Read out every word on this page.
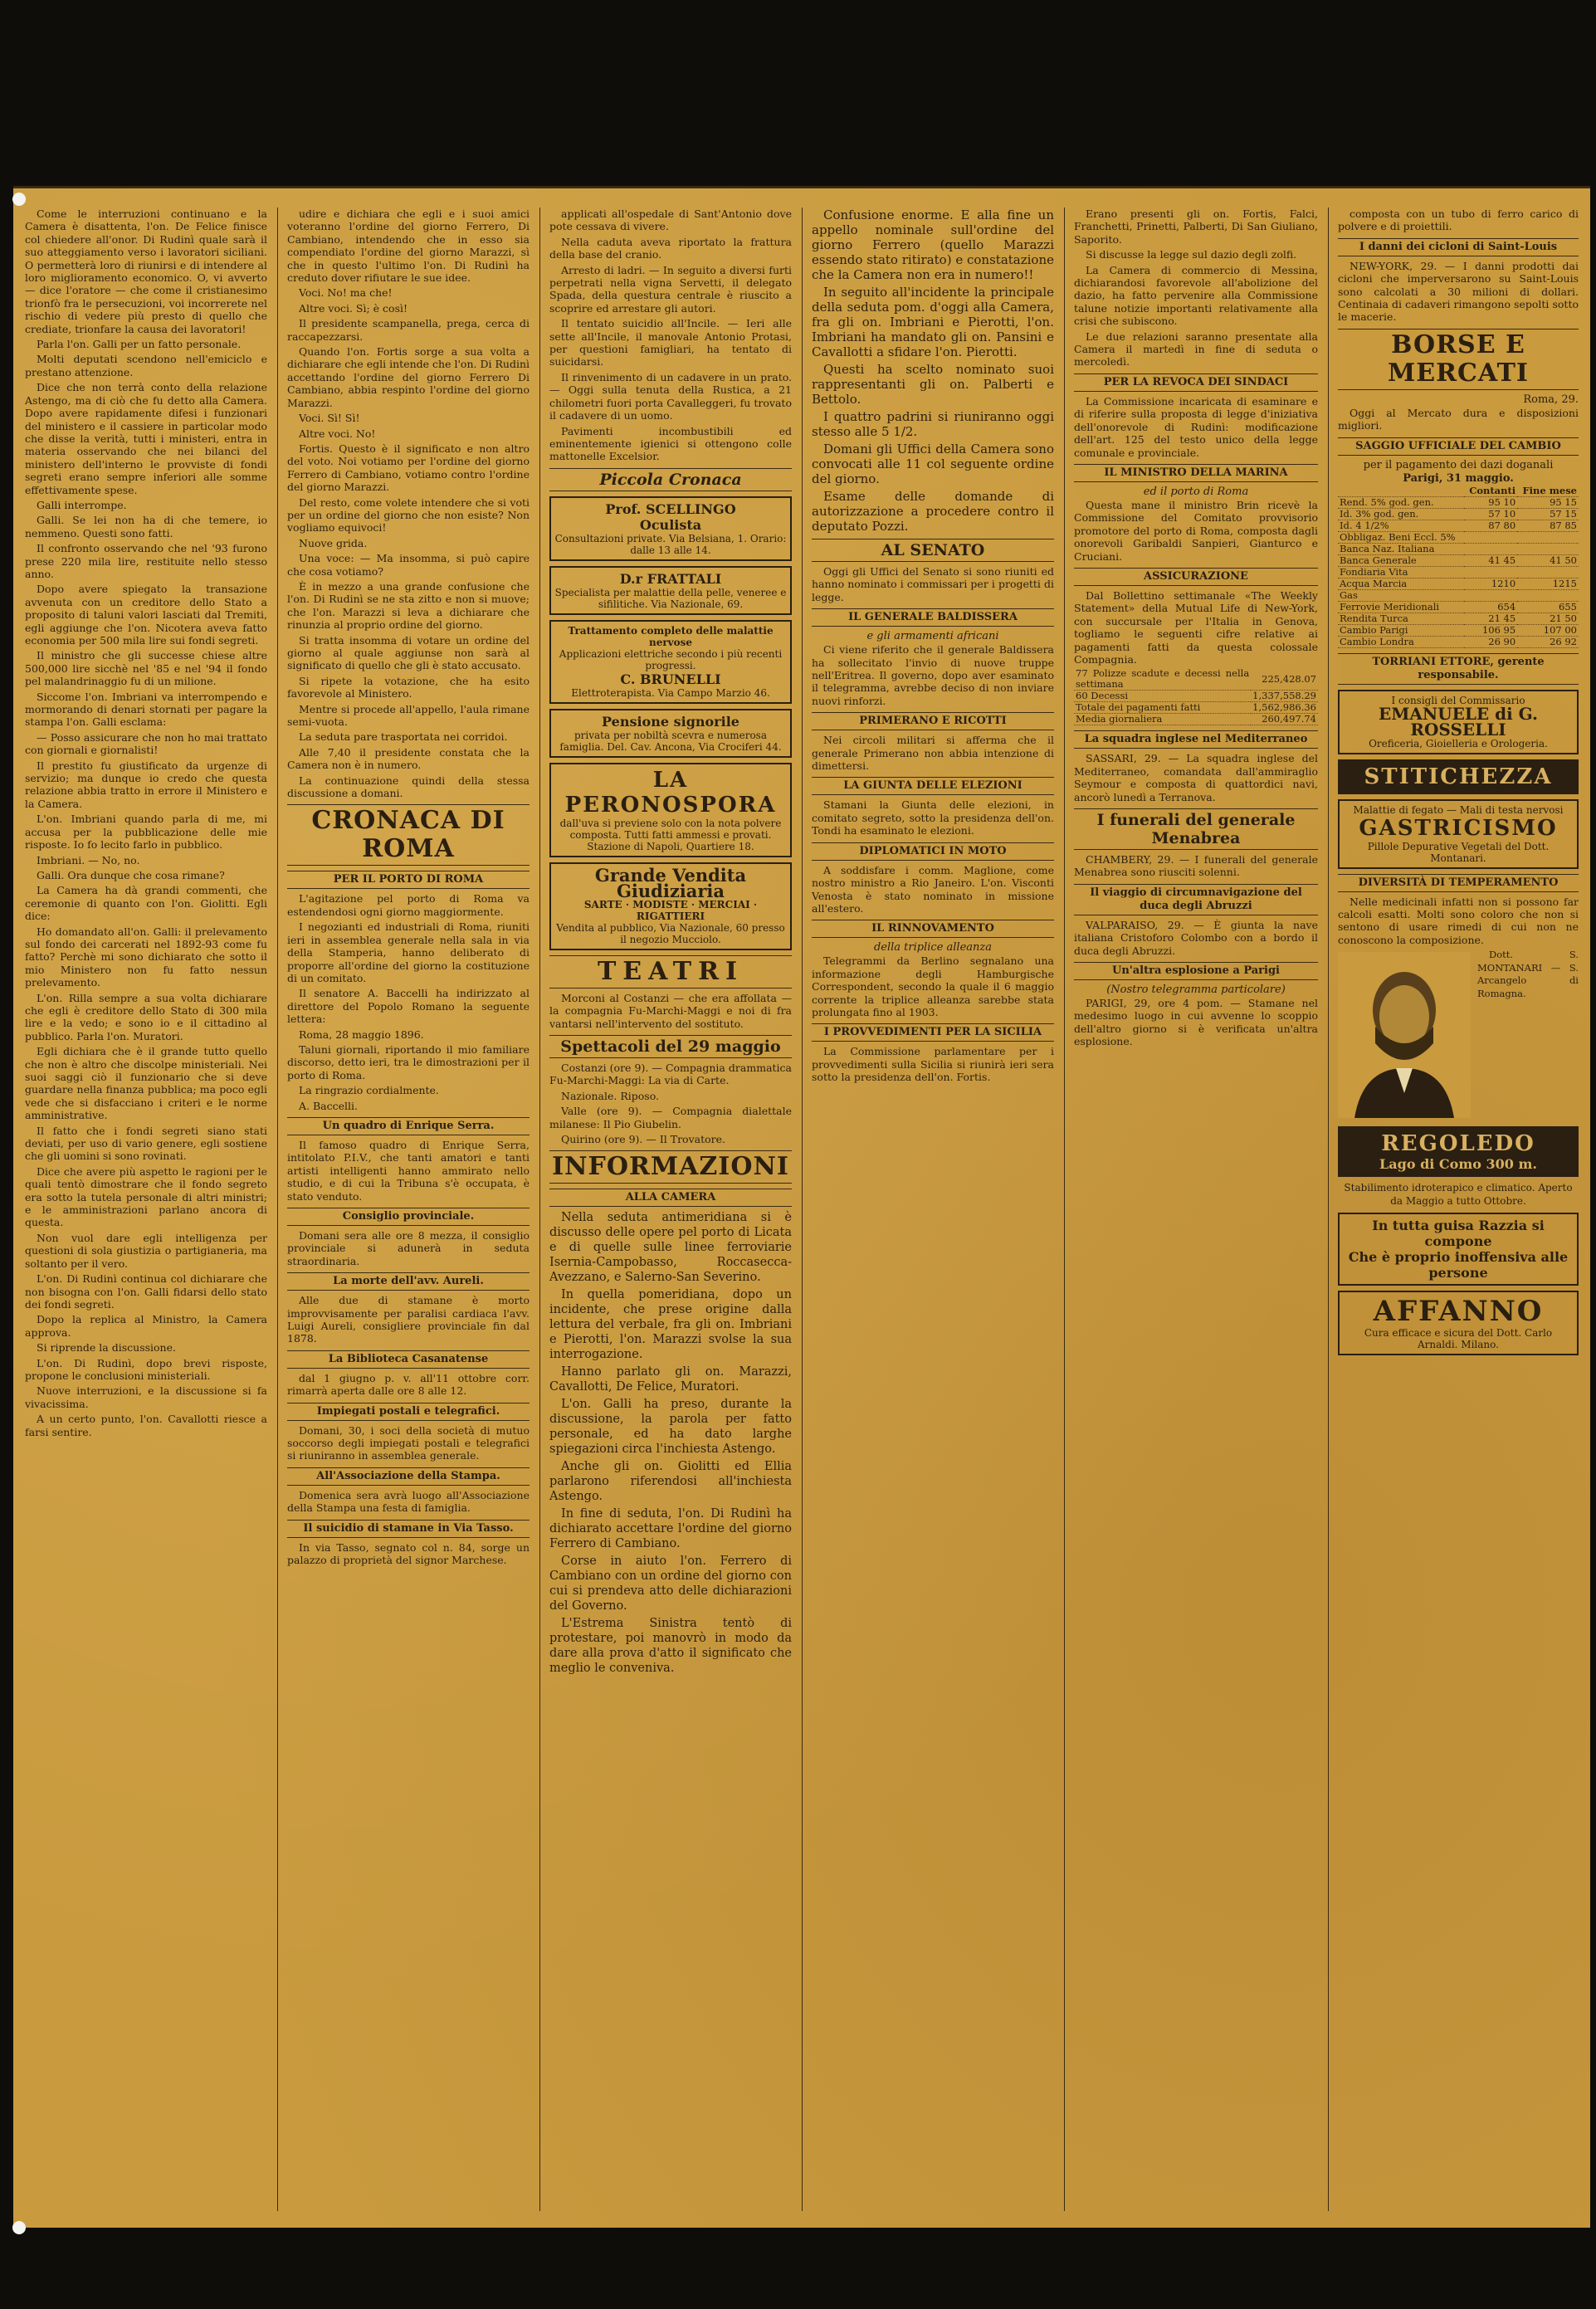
Come le interruzioni continuano e la Camera è disattenta, l'on. De Felice finisce col chiedere all'onor. Di Rudinì quale sarà il suo atteggiamento verso i lavoratori siciliani. O permetterà loro di riunirsi e di intendere al loro miglioramento economico. O, vi avverto — dice l'oratore — che come il cristianesimo trionfò fra le persecuzioni, voi incorrerete nel rischio di vedere più presto di quello che crediate, trionfare la causa dei lavoratori!

Parla l'on. Galli per un fatto personale.

Molti deputati scendono nell'emiciclo e prestano attenzione.

Dice che non terrà conto della relazione Astengo, ma di ciò che fu detto alla Camera. Dopo avere rapidamente difesi i funzionari del ministero e il cassiere in particolar modo che disse la verità, tutti i ministeri, entra in materia osservando che nei bilanci del ministero dell'interno le provviste di fondi segreti erano sempre inferiori alle somme effettivamente spese.

Galli interrompe.

Galli. Se lei non ha di che temere, io nemmeno. Questi sono fatti.

Il confronto osservando che nel '93 furono prese 220 mila lire, restituite nello stesso anno.

Dopo avere spiegato la transazione avvenuta con un creditore dello Stato a proposito di taluni valori lasciati dal Tremiti, egli aggiunge che l'on. Nicotera aveva fatto economia per 500 mila lire sui fondi segreti.

Il ministro che gli successe chiese altre 500,000 lire sicchè nel '85 e nel '94 il fondo pel malandrinaggio fu di un milione.

Siccome l'on. Imbriani va interrompendo e mormorando di denari stornati per pagare la stampa l'on. Galli esclama:

— Posso assicurare che non ho mai trattato con giornali e giornalisti!

Il prestito fu giustificato da urgenze di servizio; ma dunque io credo che questa relazione abbia tratto in errore il Ministero e la Camera.

L'on. Imbriani quando parla di me, mi accusa per la pubblicazione delle mie risposte. Io fo lecito farlo in pubblico.

Imbriani. — No, no.

Galli. Ora dunque che cosa rimane?

La Camera ha dà grandi commenti, che ceremonie di quanto con l'on. Giolitti. Egli dice:

Ho domandato all'on. Galli: il prelevamento sul fondo dei carcerati nel 1892-93 come fu fatto? Perchè mi sono dichiarato che sotto il mio Ministero non fu fatto nessun prelevamento.

L'on. Rilla sempre a sua volta dichiarare che egli è creditore dello Stato di 300 mila lire e la vedo; e sono io e il cittadino al pubblico. Parla l'on. Muratori.

Egli dichiara che è il grande tutto quello che non è altro che discolpe ministeriali. Nei suoi saggi ciò il funzionario che si deve guardare nella finanza pubblica; ma poco egli vede che si disfacciano i criteri e le norme amministrative.

Il fatto che i fondi segreti siano stati deviati, per uso di vario genere, egli sostiene che gli uomini si sono rovinati.

Dice che avere più aspetto le ragioni per le quali tentò dimostrare che il fondo segreto era sotto la tutela personale di altri ministri; e le amministrazioni parlano ancora di questa.

Non vuol dare egli intelligenza per questioni di sola giustizia o partigianeria, ma soltanto per il vero.

L'on. Di Rudinì continua col dichiarare che non bisogna con l'on. Galli fidarsi dello stato dei fondi segreti.

Dopo la replica al Ministro, la Camera approva.

Si riprende la discussione.

L'on. Di Rudinì, dopo brevi risposte, propone le conclusioni ministeriali.

Nuove interruzioni, e la discussione si fa vivacissima.

A un certo punto, l'on. Cavallotti riesce a farsi sentire.

udire e dichiara che egli e i suoi amici voteranno l'ordine del giorno Ferrero, Di Cambiano, intendendo che in esso sia compendiato l'ordine del giorno Marazzi, sì che in questo l'ultimo l'on. Di Rudinì ha creduto dover rifiutare le sue idee.

Voci. No! ma che!

Altre voci. Sì; è così!

Il presidente scampanella, prega, cerca di raccapezzarsi.

Quando l'on. Fortis sorge a sua volta a dichiarare che egli intende che l'on. Di Rudinì accettando l'ordine del giorno Ferrero Di Cambiano, abbia respinto l'ordine del giorno Marazzi.

Voci. Sì! Sì!

Altre voci. No!

Fortis. Questo è il significato e non altro del voto. Noi votiamo per l'ordine del giorno Ferrero di Cambiano, votiamo contro l'ordine del giorno Marazzi.

Del resto, come volete intendere che si voti per un ordine del giorno che non esiste? Non vogliamo equivoci!

Nuove grida.

Una voce: — Ma insomma, si può capire che cosa votiamo?

È in mezzo a una grande confusione che l'on. Di Rudinì se ne sta zitto e non si muove; che l'on. Marazzi si leva a dichiarare che rinunzia al proprio ordine del giorno.

Si tratta insomma di votare un ordine del giorno al quale aggiunse non sarà al significato di quello che gli è stato accusato.

Si ripete la votazione, che ha esito favorevole al Ministero.

Mentre si procede all'appello, l'aula rimane semi-vuota.

La seduta pare trasportata nei corridoi.

Alle 7,40 il presidente constata che la Camera non è in numero.

La continuazione quindi della stessa discussione a domani.

CRONACA DI ROMA
PER IL PORTO DI ROMA

L'agitazione pel porto di Roma va estendendosi ogni giorno maggiormente.

I negozianti ed industriali di Roma, riuniti ieri in assemblea generale nella sala in via della Stamperia, hanno deliberato di proporre all'ordine del giorno la costituzione di un comitato.

Il senatore A. Baccelli ha indirizzato al direttore del Popolo Romano la seguente lettera:

Roma, 28 maggio 1896.

Taluni giornali, riportando il mio familiare discorso, detto ieri, tra le dimostrazioni per il porto di Roma.

La ringrazio cordialmente.

A. Baccelli.

Un quadro di Enrique Serra.

Il famoso quadro di Enrique Serra, intitolato P.I.V., che tanti amatori e tanti artisti intelligenti hanno ammirato nello studio, e di cui la Tribuna s'è occupata, è stato venduto.

Consiglio provinciale.

Domani sera alle ore 8 mezza, il consiglio provinciale si adunerà in seduta straordinaria.

La morte dell'avv. Aureli.

Alle due di stamane è morto improvvisamente per paralisi cardiaca l'avv. Luigi Aureli, consigliere provinciale fin dal 1878.

La Biblioteca Casanatense

dal 1 giugno p. v. all'11 ottobre corr. rimarrà aperta dalle ore 8 alle 12.

Impiegati postali e telegrafici.

Domani, 30, i soci della società di mutuo soccorso degli impiegati postali e telegrafici si riuniranno in assemblea generale.

All'Associazione della Stampa.

Domenica sera avrà luogo all'Associazione della Stampa una festa di famiglia.

Il suicidio di stamane in Via Tasso.

In via Tasso, segnato col n. 84, sorge un palazzo di proprietà del signor Marchese.

applicati all'ospedale di Sant'Antonio dove pote cessava di vivere.

Nella caduta aveva riportato la frattura della base del cranio.

Arresto di ladri. — In seguito a diversi furti perpetrati nella vigna Servetti, il delegato Spada, della questura centrale è riuscito a scoprire ed arrestare gli autori.

Il tentato suicidio all'Incile. — Ieri alle sette all'Incile, il manovale Antonio Protasi, per questioni famigliari, ha tentato di suicidarsi.

Il rinvenimento di un cadavere in un prato. — Oggi sulla tenuta della Rustica, a 21 chilometri fuori porta Cavalleggeri, fu trovato il cadavere di un uomo.

Pavimenti incombustibili ed eminentemente igienici si ottengono colle mattonelle Excelsior.

Piccola Cronaca
Prof. SCELLINGO
Oculista
Consultazioni private. Via Belsiana, 1. Orario: dalle 13 alle 14.
D.r FRATTALI
Specialista per malattie della pelle, veneree e sifilitiche. Via Nazionale, 69.
Trattamento completo delle malattie nervose
Applicazioni elettriche secondo i più recenti progressi.
C. BRUNELLI
Elettroterapista. Via Campo Marzio 46.
Pensione signorile
privata per nobiltà scevra e numerosa famiglia. Del. Cav. Ancona, Via Crociferi 44.
LA PERONOSPORA
dall'uva si previene solo con la nota polvere composta. Tutti fatti ammessi e provati. Stazione di Napoli, Quartiere 18.
Grande Vendita Giudiziaria
SARTE · MODISTE · MERCIAI · RIGATTIERI
Vendita al pubblico, Via Nazionale, 60 presso il negozio Mucciolo.
TEATRI

Morconi al Costanzi — che era affollata — la compagnia Fu-Marchi-Maggi e noi di fra vantarsi nell'intervento del sostituto.

Spettacoli del 29 maggio

Costanzi (ore 9). — Compagnia drammatica Fu-Marchi-Maggi: La via di Carte.

Nazionale. Riposo.

Valle (ore 9). — Compagnia dialettale milanese: Il Pio Giubelin.

Quirino (ore 9). — Il Trovatore.

INFORMAZIONI
ALLA CAMERA

Nella seduta antimeridiana si è discusso delle opere pel porto di Licata e di quelle sulle linee ferroviarie Isernia-Campobasso, Roccasecca-Avezzano, e Salerno-San Severino.

In quella pomeridiana, dopo un incidente, che prese origine dalla lettura del verbale, fra gli on. Imbriani e Pierotti, l'on. Marazzi svolse la sua interrogazione.

Hanno parlato gli on. Marazzi, Cavallotti, De Felice, Muratori.

L'on. Galli ha preso, durante la discussione, la parola per fatto personale, ed ha dato larghe spiegazioni circa l'inchiesta Astengo.

Anche gli on. Giolitti ed Ellia parlarono riferendosi all'inchiesta Astengo.

In fine di seduta, l'on. Di Rudinì ha dichiarato accettare l'ordine del giorno Ferrero di Cambiano.

Corse in aiuto l'on. Ferrero di Cambiano con un ordine del giorno con cui si prendeva atto delle dichiarazioni del Governo.

L'Estrema Sinistra tentò di protestare, poi manovrò in modo da dare alla prova d'atto il significato che meglio le conveniva.

Confusione enorme. E alla fine un appello nominale sull'ordine del giorno Ferrero (quello Marazzi essendo stato ritirato) e constatazione che la Camera non era in numero!!

In seguito all'incidente la principale della seduta pom. d'oggi alla Camera, fra gli on. Imbriani e Pierotti, l'on. Imbriani ha mandato gli on. Pansini e Cavallotti a sfidare l'on. Pierotti.

Questi ha scelto nominato suoi rappresentanti gli on. Palberti e Bettolo.

I quattro padrini si riuniranno oggi stesso alle 5 1/2.

Domani gli Uffici della Camera sono convocati alle 11 col seguente ordine del giorno.

Esame delle domande di autorizzazione a procedere contro il deputato Pozzi.

AL SENATO

Oggi gli Uffici del Senato si sono riuniti ed hanno nominato i commissari per i progetti di legge.

IL GENERALE BALDISSERA
e gli armamenti africani

Ci viene riferito che il generale Baldissera ha sollecitato l'invio di nuove truppe nell'Eritrea. Il governo, dopo aver esaminato il telegramma, avrebbe deciso di non inviare nuovi rinforzi.

PRIMERANO E RICOTTI

Nei circoli militari si afferma che il generale Primerano non abbia intenzione di dimettersi.

LA GIUNTA DELLE ELEZIONI

Stamani la Giunta delle elezioni, in comitato segreto, sotto la presidenza dell'on. Tondi ha esaminato le elezioni.

DIPLOMATICI IN MOTO

A soddisfare i comm. Maglione, come nostro ministro a Rio Janeiro. L'on. Visconti Venosta è stato nominato in missione all'estero.

IL RINNOVAMENTO
della triplice alleanza

Telegrammi da Berlino segnalano una informazione degli Hamburgische Correspondent, secondo la quale il 6 maggio corrente la triplice alleanza sarebbe stata prolungata fino al 1903.

I PROVVEDIMENTI PER LA SICILIA

La Commissione parlamentare per i provvedimenti sulla Sicilia si riunirà ieri sera sotto la presidenza dell'on. Fortis.

Erano presenti gli on. Fortis, Falci, Franchetti, Prinetti, Palberti, Di San Giuliano, Saporito.

Si discusse la legge sul dazio degli zolfi.

La Camera di commercio di Messina, dichiarandosi favorevole all'abolizione del dazio, ha fatto pervenire alla Commissione talune notizie importanti relativamente alla crisi che subiscono.

Le due relazioni saranno presentate alla Camera il martedì in fine di seduta o mercoledì.

PER LA REVOCA DEI SINDACI

La Commissione incaricata di esaminare e di riferire sulla proposta di legge d'iniziativa dell'onorevole di Rudinì: modificazione dell'art. 125 del testo unico della legge comunale e provinciale.

IL MINISTRO DELLA MARINA
ed il porto di Roma

Questa mane il ministro Brin ricevè la Commissione del Comitato provvisorio promotore del porto di Roma, composta dagli onorevoli Garibaldi Sanpieri, Gianturco e Cruciani.

ASSICURAZIONE

Dal Bollettino settimanale «The Weekly Statement» della Mutual Life di New-York, con succursale per l'Italia in Genova, togliamo le seguenti cifre relative ai pagamenti fatti da questa colossale Compagnia.

77 Polizze scadute e decessi nella settimana	225,428.07
60 Decessi	1,337,558.29
Totale dei pagamenti fatti	1,562,986.36
Media giornaliera	260,497.74
La squadra inglese nel Mediterraneo

SASSARI, 29. — La squadra inglese del Mediterraneo, comandata dall'ammiraglio Seymour e composta di quattordici navi, ancorò lunedì a Terranova.

I funerali del generale Menabrea

CHAMBERY, 29. — I funerali del generale Menabrea sono riusciti solenni.

Il viaggio di circumnavigazione del duca degli Abruzzi

VALPARAISO, 29. — È giunta la nave italiana Cristoforo Colombo con a bordo il duca degli Abruzzi.

Un'altra esplosione a Parigi
(Nostro telegramma particolare)

PARIGI, 29, ore 4 pom. — Stamane nel medesimo luogo in cui avvenne lo scoppio dell'altro giorno si è verificata un'altra esplosione.

composta con un tubo di ferro carico di polvere e di proiettili.

I danni dei cicloni di Saint-Louis

NEW-YORK, 29. — I danni prodotti dai cicloni che imperversarono su Saint-Louis sono calcolati a 30 milioni di dollari. Centinaia di cadaveri rimangono sepolti sotto le macerie.

BORSE E MERCATI
Roma, 29.

Oggi al Mercato dura e disposizioni migliori.

SAGGIO UFFICIALE DEL CAMBIO
per il pagamento dei dazi doganali
Parigi, 31 maggio.
	Contanti	Fine mese
Rend. 5% god. gen.	95 10	95 15
Id. 3% god. gen.	57 10	57 15
Id. 4 1/2%	87 80	87 85
Obbligaz. Beni Eccl. 5%		
Banca Naz. Italiana		
Banca Generale	41 45	41 50
Fondiaria Vita		
Acqua Marcia	1210	1215
Gas		
Ferrovie Meridionali	654	655
Rendita Turca	21 45	21 50
Cambio Parigi	106 95	107 00
Cambio Londra	26 90	26 92
TORRIANI ETTORE, gerente responsabile.
I consigli del Commissario
EMANUELE di G. ROSSELLI
Oreficeria, Gioielleria e Orologeria.
STITICHEZZA
Malattie di fegato — Mali di testa nervosi
GASTRICISMO
Pillole Depurative Vegetali del Dott. Montanari.
DIVERSITÀ DI TEMPERAMENTO

Nelle medicinali infatti non si possono far calcoli esatti. Molti sono coloro che non si sentono di usare rimedi di cui non ne conoscono la composizione.

Dott. S. MONTANARI — S. Arcangelo di Romagna.

REGOLEDO
Lago di Como 300 m.
Stabilimento idroterapico e climatico. Aperto da Maggio a tutto Ottobre.
In tutta guisa Razzia si compone
Che è proprio inoffensiva alle persone
AFFANNO
Cura efficace e sicura del Dott. Carlo Arnaldi. Milano.
